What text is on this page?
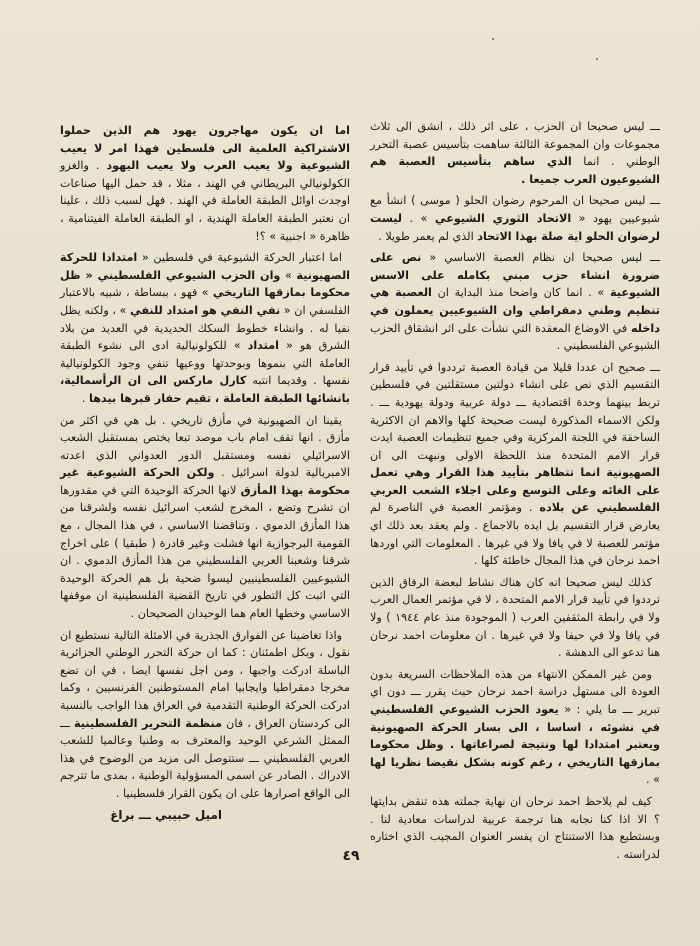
ـــ ليس صحيحا ان الحزب ، على اثر ذلك ، انشق الى ثلاث مجموعات وان المجموعة الثالثة ساهمت بتأسيس عصبة التحرر الوطني . انما الذي ساهم بتأسيس العصبة هم الشيوعيون العرب جميعا .

ـــ ليس صحيحا ان المرحوم رضوان الحلو ( موسى ) انشأ مع شيوعيين يهود « الاتحاد الثوري الشيوعي » . ليست لرضوان الحلو اية صلة بهذا الاتحاد الذي لم يعمر طويلا .

ـــ ليس صحيحا ان نظام العصبة الاساسي « نص على ضرورة انشاء حزب مبني بكامله على الاسس الشيوعية » . انما كان واضحا منذ البداية ان العصبة هي تنظيم وطني دمقراطي وان الشيوعيين يعملون في داخله في الاوضاع المعقدة التي نشأت على اثر انشقاق الحزب الشيوعي الفلسطيني .

ـــ صحيح ان عددا قليلا من قيادة العصبة ترددوا في تأييد قرار التقسيم الذي نص على انشاء دولتين مستقلتين في فلسطين تربط بينهما وحدة اقتصادية ـــ دولة عربية ودولة يهودية ـــ . ولكن الاسماء المذكورة ليست صحيحة كلها والاهم ان الاكثرية الساحقة في اللجنة المركزية وفي جميع تنظيمات العصبة ايدت قرار الامم المتحدة منذ اللحظة الاولى ونبهت الى ان الصهيونية انما تتظاهر بتأييد هذا القرار وهي تعمل على الغائه وعلى التوسع وعلى اجلاء الشعب العربي الفلسطيني عن بلاده . ومؤتمر العصبة في الناصرة لم يعارض قرار التقسيم بل ايده بالاجماع . ولم يعقد بعد ذلك اي مؤتمر للعصبة لا في يافا ولا في غيرها . المعلومات التي اوردها احمد نرحان في هذا المجال خاطئة كلها .

كذلك ليس صحيحا انه كان هناك نشاط لبعضة الرفاق الذين ترددوا في تأييد قرار الامم المتحدة ، لا في مؤتمر العمال العرب ولا في رابطة المثقفين العرب ( الموجودة منذ عام ١٩٤٤ ) ولا في يافا ولا في حيفا ولا في غيرها . ان معلومات احمد نرحان هنا تدعو الى الدهشة .

ومن غير الممكن الانتهاء من هذه الملاحظات السريعة بدون العودة الى مستهل دراسة احمد نرحان حيث يقرر ـــ دون اي تبرير ـــ ما يلي : « يعود الحزب الشيوعي الفلسطيني في نشوئه ، اساسا ، الى بسار الحركة الصهيونية ويعتبر امتدادا لها ونتيجة لصراعاتها . وظل محكوما بمازقها التاريخي ، رغم كونه بشكل نقيضا نظريا لها » .

كيف لم يلاحظ احمد نرحان ان نهاية جملته هذه تنقض بدايتها ؟ الا اذا كنا نجابه هنا ترجمة عربية لدراسات معادية لنا . وبستطيع هذا الاستنتاج ان يفسر العنوان المجيب الذي اختاره لدراسته .

اما ان يكون مهاجرون يهود هم الذين حملوا الاشتراكية العلمية الى فلسطين فهذا امر لا يعيب الشيوعية ولا يعيب العرب ولا يعيب اليهود . والغزو الكولونيالي البريطاني في الهند ، مثلا ، قد حمل اليها صناعات اوجدت اوائل الطبقة العاملة في الهند . فهل لسبب ذلك ، علينا ان نعتبر الطبقة العاملة الهندية ، او الطبقة العاملة الفيتنامية ، ظاهرة « اجنبية » ؟!

اما اعتبار الحركة الشيوعية في فلسطين « امتدادا للحركة الصهيونية » وان الحزب الشيوعي الفلسطيني « ظل محكوما بمازقها التاريخي » فهو ، ببساطة ، شبيه بالاعتبار الفلسفي ان « نفي النفي هو امتداد للنفي » ، ولكنه يظل نفيا له . وانشاء خطوط السكك الحديدية في العديد من بلاد الشرق هو « امتداد » للكولونيالية ادى الى نشوء الطبقة العاملة التي بنموها وبوحدتها ووعيها تنفي وجود الكولونيالية نفسها . وقديما انتبه كارل ماركس الى ان الرأسمالية، بانشائها الطبقة العاملة ، تقيم حفار قبرها بيدها .

يقينا ان الصهيونية في مأزق تاريخي . بل هي في اكثر من مأزق . انها تقف امام باب موصد تبعا يختص بمستقبل الشعب الاسرائيلي نفسه ومستقبل الدور العدواني الذي اعدته الامبريالية لدولة اسرائيل . ولكن الحركة الشيوعية غير محكومة بهذا المأزق لانها الحركة الوحيدة التي في مقدورها ان تشرح وتضع ، المخرج لشعب اسرائيل نفسه ولشرقنا من هذا المأزق الدموي . وتناقضنا الاساسي ، في هذا المجال ، مع القومية البرجوازية انها فشلت وغير قادرة ( طبقيا ) على اخراج شرقنا وشعبنا العربي الفلسطيني من هذا المأزق الدموي . ان الشيوعيين الفلسطينيين ليسوا ضحية بل هم الحركة الوحيدة التي اثبت كل التطور في تاريخ القضية الفلسطينية ان موقفها الاساسي وخطها العام هما الوحيدان الصحيحان .

واذا تغاضينا عن الفوارق الجذرية في الامثلة التالية نستطيع ان نقول ، وبكل اطمئنان : كما ان حركة التحرر الوطني الجزائرية الباسلة ادركت واجبها ، ومن اجل نفسها ايضا ، في ان تضع مخرجا دمقراطيا وايجابيا امام المستوطنين الفرنسيين ، وكما ادركت الحركة الوطنية التقدمية في العراق هذا الواجب بالنسبة الى كردستان العراق ، فان منظمة التحرير الفلسطينية ـــ الممثل الشرعي الوحيد والمعترف به وطنيا وعالميا للشعب العربي الفلسطيني ـــ ستتوصل الى مزيد من الوضوح في هذا الادراك . الصادر عن اسمى المسؤولية الوطنية ، بمدى ما تترجم الى الواقع اصرارها على ان يكون القرار فلسطينيا .

اميل حبيبي ـــ براغ

٤٩
